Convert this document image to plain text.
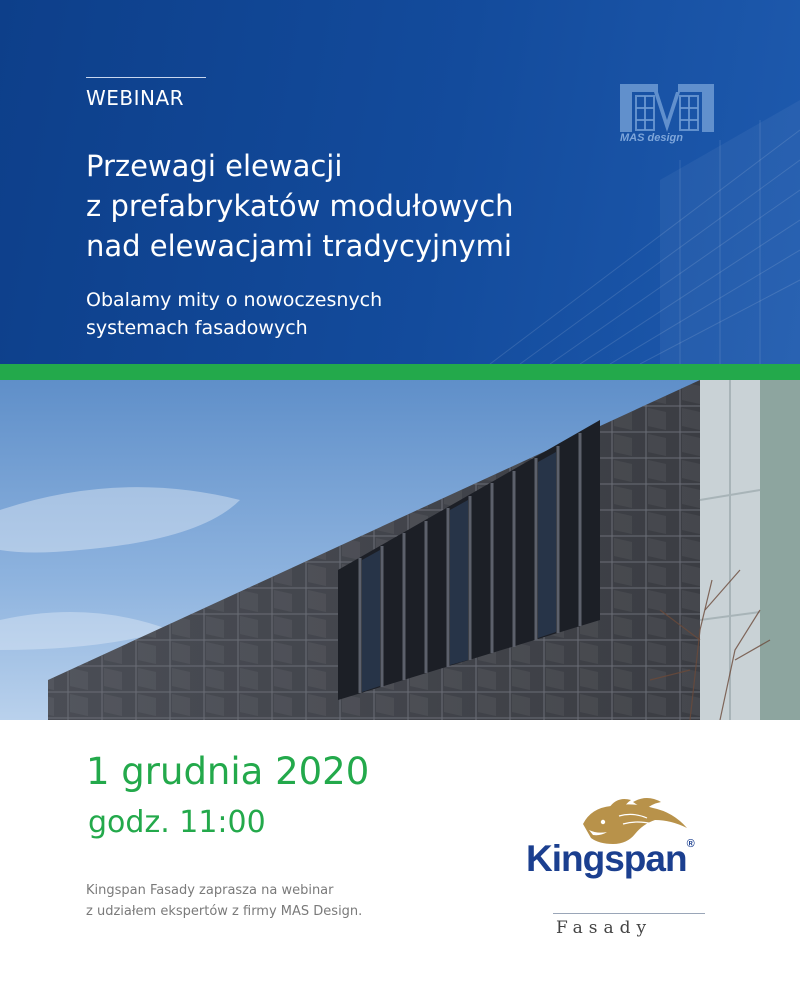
WEBINAR
Przewagi elewacji
z prefabrykatów modułowych
nad elewacjami tradycyjnymi
Obalamy mity o nowoczesnych
systemach fasadowych
MAS design
1 grudnia 2020
godz. 11:00
Kingspan Fasady zaprasza na webinar
z udziałem ekspertów z firmy MAS Design.
Kingspan®
Fasady
